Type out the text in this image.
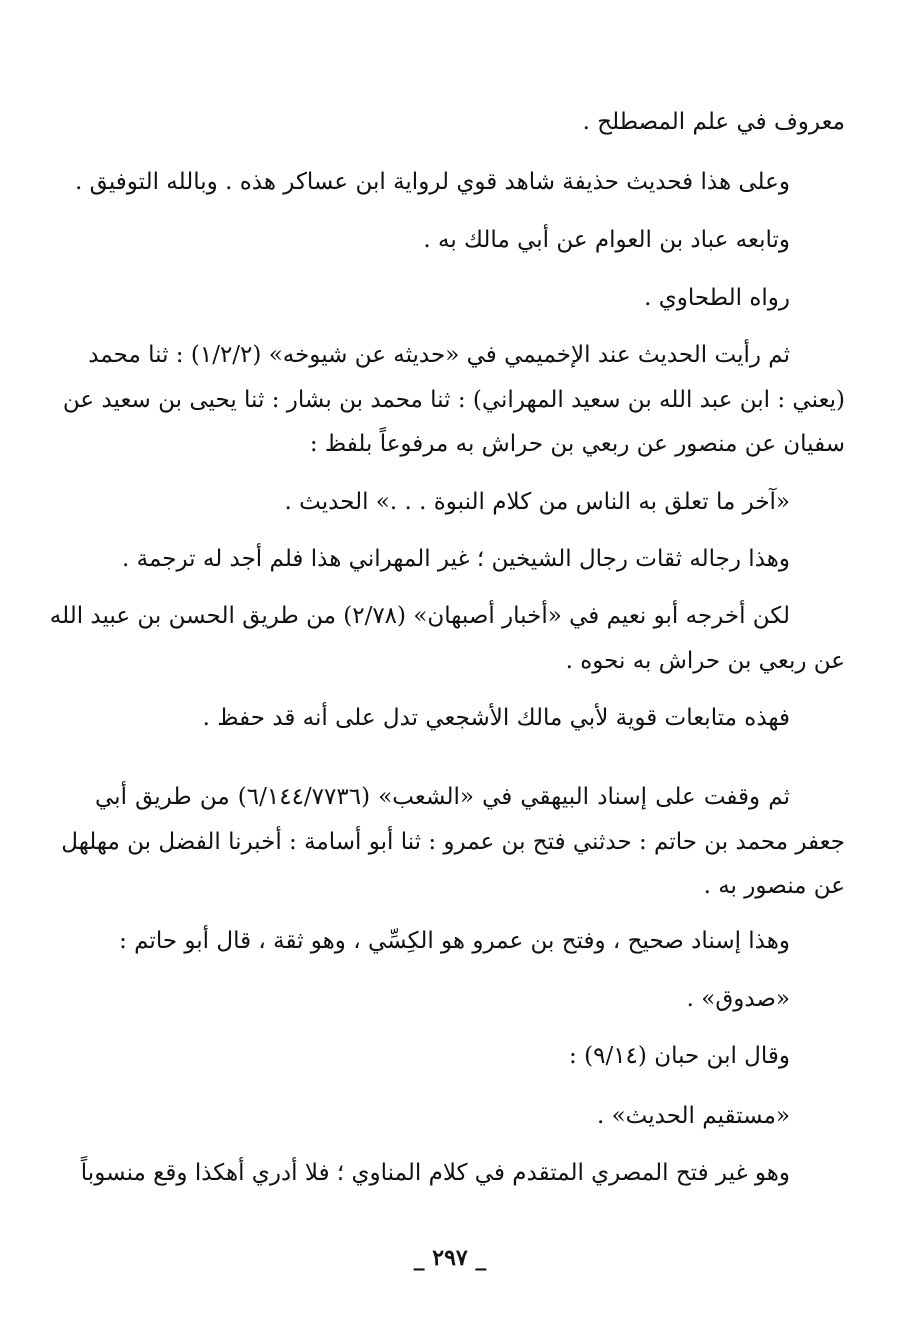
معروف في علم المصطلح .
وعلى هذا فحديث حذيفة شاهد قوي لرواية ابن عساكر هذه . وبالله التوفيق .
وتابعه عباد بن العوام عن أبي مالك به .
رواه الطحاوي .
ثم رأيت الحديث عند الإخميمي في «حديثه عن شيوخه» (١/٢/٢) : ثنا محمد
(يعني : ابن عبد الله بن سعيد المهراني) : ثنا محمد بن بشار : ثنا يحيى بن سعيد عن
سفيان عن منصور عن ربعي بن حراش به مرفوعاً بلفظ :
«آخر ما تعلق به الناس من كلام النبوة . . .» الحديث .
وهذا رجاله ثقات رجال الشيخين ؛ غير المهراني هذا فلم أجد له ترجمة .
لكن أخرجه أبو نعيم في «أخبار أصبهان» (٢/٧٨) من طريق الحسن بن عبيد الله
عن ربعي بن حراش به نحوه .
فهذه متابعات قوية لأبي مالك الأشجعي تدل على أنه قد حفظ .
ثم وقفت على إسناد البيهقي في «الشعب» (٦/١٤٤/٧٧٣٦) من طريق أبي
جعفر محمد بن حاتم : حدثني فتح بن عمرو : ثنا أبو أسامة : أخبرنا الفضل بن مهلهل
عن منصور به .
وهذا إسناد صحيح ، وفتح بن عمرو هو الكِسِّي ، وهو ثقة ، قال أبو حاتم :
«صدوق» .
وقال ابن حبان (٩/١٤) :
«مستقيم الحديث» .
وهو غير فتح المصري المتقدم في كلام المناوي ؛ فلا أدري أهكذا وقع منسوباً
_ ٢٩٧ _
